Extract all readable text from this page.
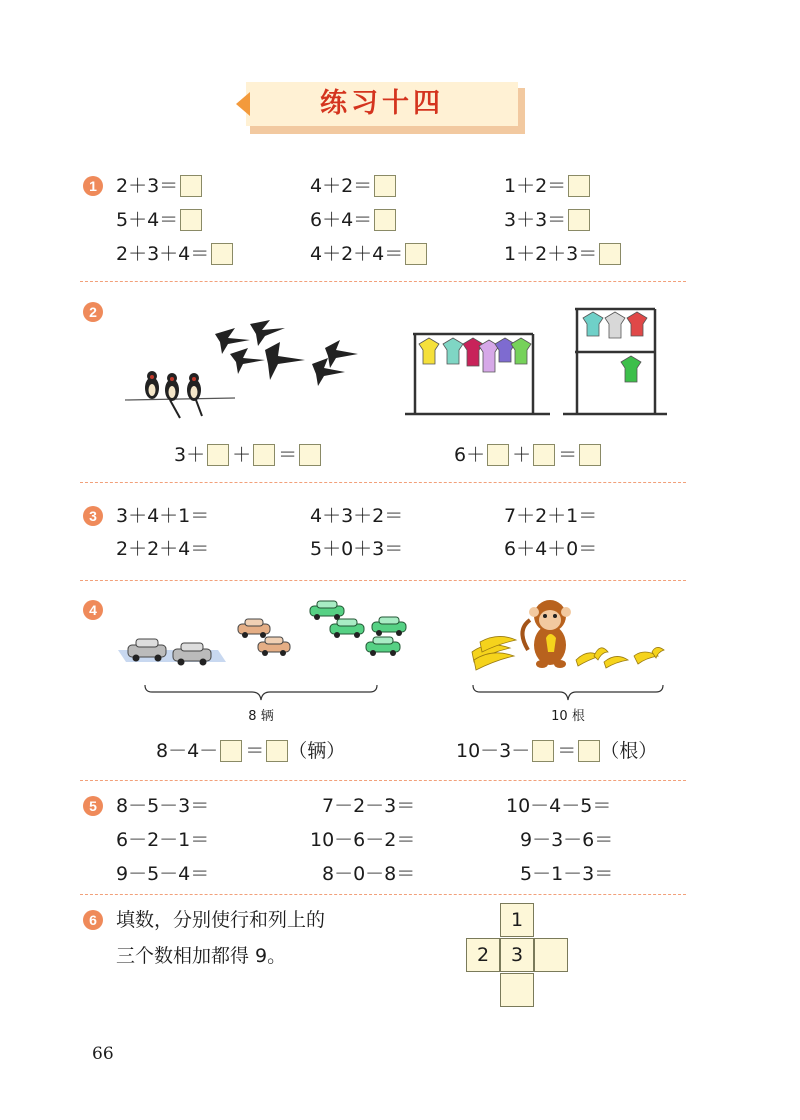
练习十四
1	2＋3＝	4＋2＝	1＋2＝
5＋4＝	6＋4＝	3＋3＝
2＋3＋4＝	4＋2＋4＝	1＋2＋3＝
2
3＋ ＋ ＝	6＋ ＋ ＝
3	3＋4＋1＝	4＋3＋2＝	7＋2＋1＝
2＋2＋4＝	5＋0＋3＝	6＋4＋0＝
4
8 辆	10 根
8－4－ ＝ （辆）	10－3－ ＝ （根）
5	8－5－3＝	7－2－3＝	10－4－5＝
6－2－1＝	10－6－2＝	9－3－6＝
9－5－4＝	8－0－8＝	5－1－3＝
6	填数，分别使行和列上的
三个数相加都得 9。
1
2	3
66
